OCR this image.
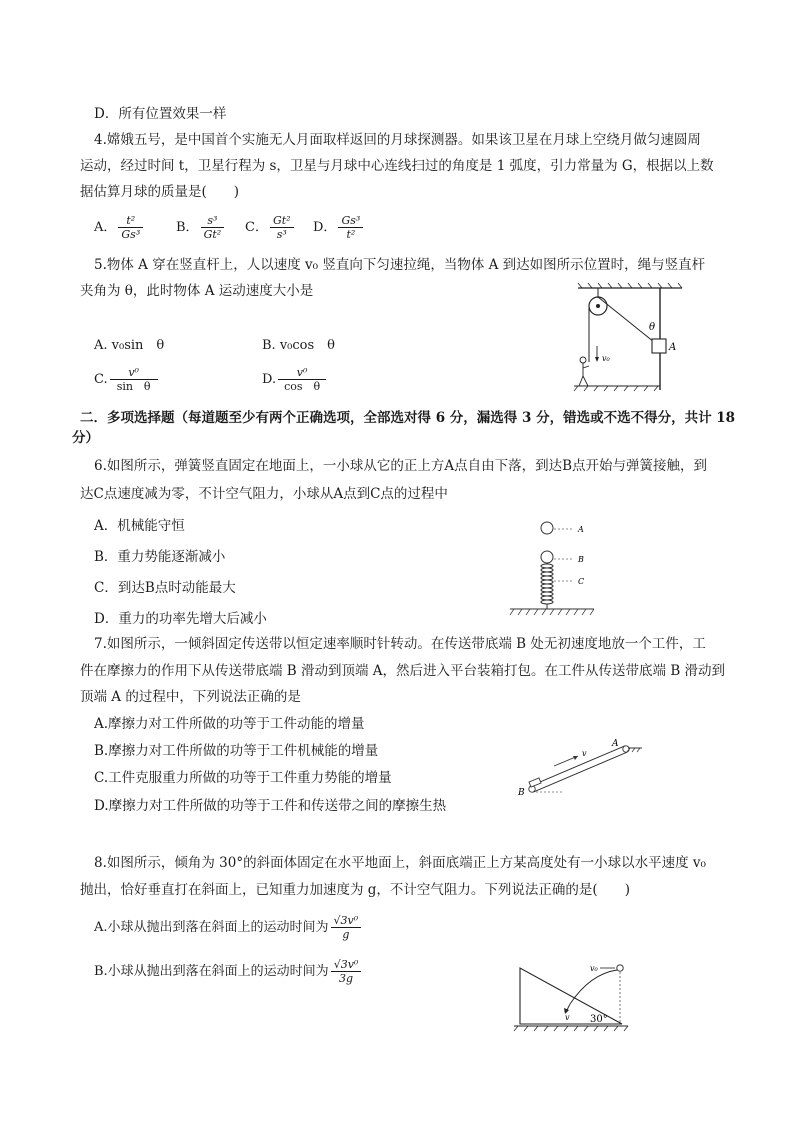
D．所有位置效果一样
4.嫦娥五号，是中国首个实施无人月面取样返回的月球探测器。如果该卫星在月球上空绕月做匀速圆周
运动，经过时间 t，卫星行程为 s，卫星与月球中心连线扫过的角度是 1 弧度，引力常量为 G，根据以上数
据估算月球的质量是(　　)
A． $\frac{\text{t²}}{\text{Gs³}}$	B． $\frac{\text{s³}}{\text{Gt²}}$ C． $\frac{\text{Gt²}}{\text{s³}}$ D． $\frac{\text{Gs³}}{\text{t²}}$
5.物体 A 穿在竖直杆上，人以速度 v₀ 竖直向下匀速拉绳，当物体 A 到达如图所示位置时，绳与竖直杆
夹角为 θ，此时物体 A 运动速度大小是
A. v₀sin　θ	B. v₀cos　θ
C. $\frac{\text{v⁰}}{\text{sin　θ}}$	D. $\frac{\text{v⁰}}{\text{cos　θ}}$
A
θ
v₀
二．多项选择题（每道题至少有两个正确选项，全部选对得 6 分，漏选得 3 分，错选或不选不得分，共计 18
分）
6.如图所示，弹簧竖直固定在地面上，一小球从它的正上方A点自由下落，到达B点开始与弹簧接触，到
达C点速度减为零，不计空气阻力，小球从A点到C点的过程中
A．机械能守恒
B．重力势能逐渐减小
C．到达B点时动能最大
D．重力的功率先增大后减小
A
B
C
7.如图所示，一倾斜固定传送带以恒定速率顺时针转动。在传送带底端 B 处无初速度地放一个工件，工
件在摩擦力的作用下从传送带底端 B 滑动到顶端 A，然后进入平台装箱打包。在工件从传送带底端 B 滑动到
顶端 A 的过程中，下列说法正确的是
A.摩擦力对工件所做的功等于工件动能的增量
B.摩擦力对工件所做的功等于工件机械能的增量
C.工件克服重力所做的功等于工件重力势能的增量
D.摩擦力对工件所做的功等于工件和传送带之间的摩擦生热
A
B
v
8.如图所示，倾角为 30°的斜面体固定在水平地面上，斜面底端正上方某高度处有一小球以水平速度 v₀
抛出，恰好垂直打在斜面上，已知重力加速度为 g，不计空气阻力。下列说法正确的是(　　)
A.小球从抛出到落在斜面上的运动时间为 $\frac{\text{√3v⁰}}{g}$
B.小球从抛出到落在斜面上的运动时间为 $\frac{\text{√3v⁰}}{3g}$	v₀
v 30°
